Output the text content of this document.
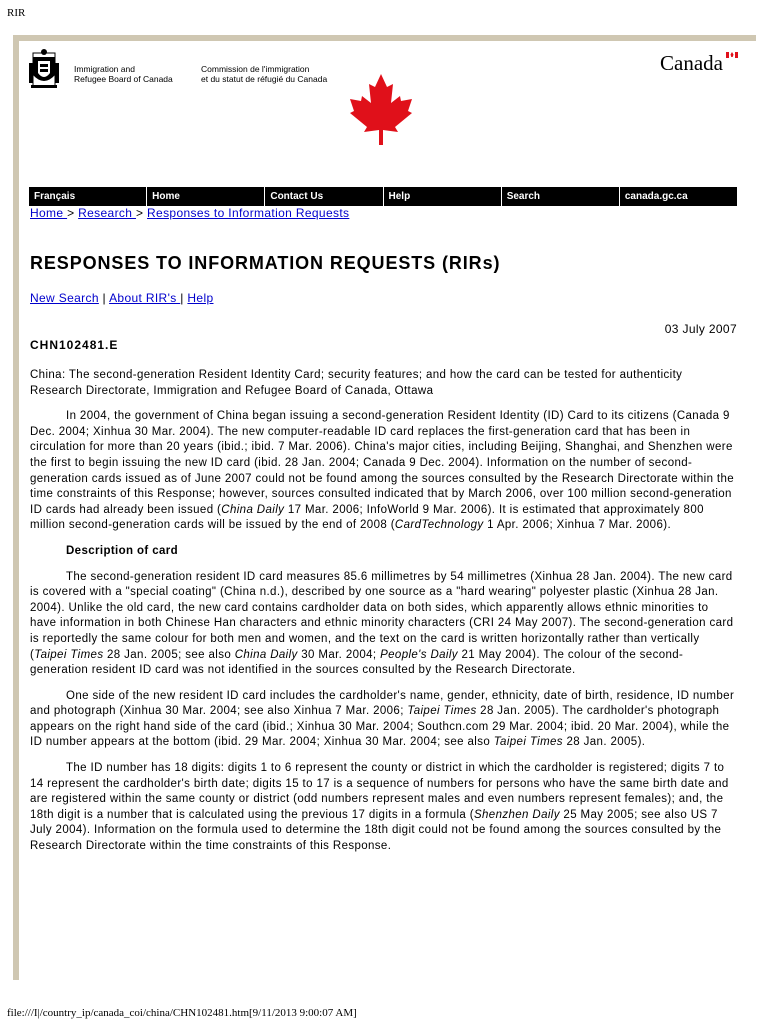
RIR
Immigration and
Refugee Board of Canada
Commission de l'immigration
et du statut de réfugié du Canada
Canada
Français	Home	Contact Us	Help	Search	canada.gc.ca
Home > Research > Responses to Information Requests
RESPONSES TO INFORMATION REQUESTS (RIRs)
New Search | About RIR's | Help
03 July 2007
CHN102481.E

China: The second-generation Resident Identity Card; security features; and how the card can be tested for authenticity
Research Directorate, Immigration and Refugee Board of Canada, Ottawa

In 2004, the government of China began issuing a second-generation Resident Identity (ID) Card to its citizens (Canada 9 Dec. 2004; Xinhua 30 Mar. 2004). The new computer-readable ID card replaces the first-generation card that has been in circulation for more than 20 years (ibid.; ibid. 7 Mar. 2006). China's major cities, including Beijing, Shanghai, and Shenzhen were the first to begin issuing the new ID card (ibid. 28 Jan. 2004; Canada 9 Dec. 2004). Information on the number of second-generation cards issued as of June 2007 could not be found among the sources consulted by the Research Directorate within the time constraints of this Response; however, sources consulted indicated that by March 2006, over 100 million second-generation ID cards had already been issued (China Daily 17 Mar. 2006; InfoWorld 9 Mar. 2006). It is estimated that approximately 800 million second-generation cards will be issued by the end of 2008 (CardTechnology 1 Apr. 2006; Xinhua 7 Mar. 2006).

Description of card

The second-generation resident ID card measures 85.6 millimetres by 54 millimetres (Xinhua 28 Jan. 2004). The new card is covered with a "special coating" (China n.d.), described by one source as a "hard wearing" polyester plastic (Xinhua 28 Jan. 2004). Unlike the old card, the new card contains cardholder data on both sides, which apparently allows ethnic minorities to have information in both Chinese Han characters and ethnic minority characters (CRI 24 May 2007). The second-generation card is reportedly the same colour for both men and women, and the text on the card is written horizontally rather than vertically (Taipei Times 28 Jan. 2005; see also China Daily 30 Mar. 2004; People's Daily 21 May 2004). The colour of the second-generation resident ID card was not identified in the sources consulted by the Research Directorate.

One side of the new resident ID card includes the cardholder's name, gender, ethnicity, date of birth, residence, ID number and photograph (Xinhua 30 Mar. 2004; see also Xinhua 7 Mar. 2006; Taipei Times 28 Jan. 2005). The cardholder's photograph appears on the right hand side of the card (ibid.; Xinhua 30 Mar. 2004; Southcn.com 29 Mar. 2004; ibid. 20 Mar. 2004), while the ID number appears at the bottom (ibid. 29 Mar. 2004; Xinhua 30 Mar. 2004; see also Taipei Times 28 Jan. 2005).

The ID number has 18 digits: digits 1 to 6 represent the county or district in which the cardholder is registered; digits 7 to 14 represent the cardholder's birth date; digits 15 to 17 is a sequence of numbers for persons who have the same birth date and are registered within the same county or district (odd numbers represent males and even numbers represent females); and, the 18th digit is a number that is calculated using the previous 17 digits in a formula (Shenzhen Daily 25 May 2005; see also US 7 July 2004). Information on the formula used to determine the 18th digit could not be found among the sources consulted by the Research Directorate within the time constraints of this Response.

file:///I|/country_ip/canada_coi/china/CHN102481.htm[9/11/2013 9:00:07 AM]
